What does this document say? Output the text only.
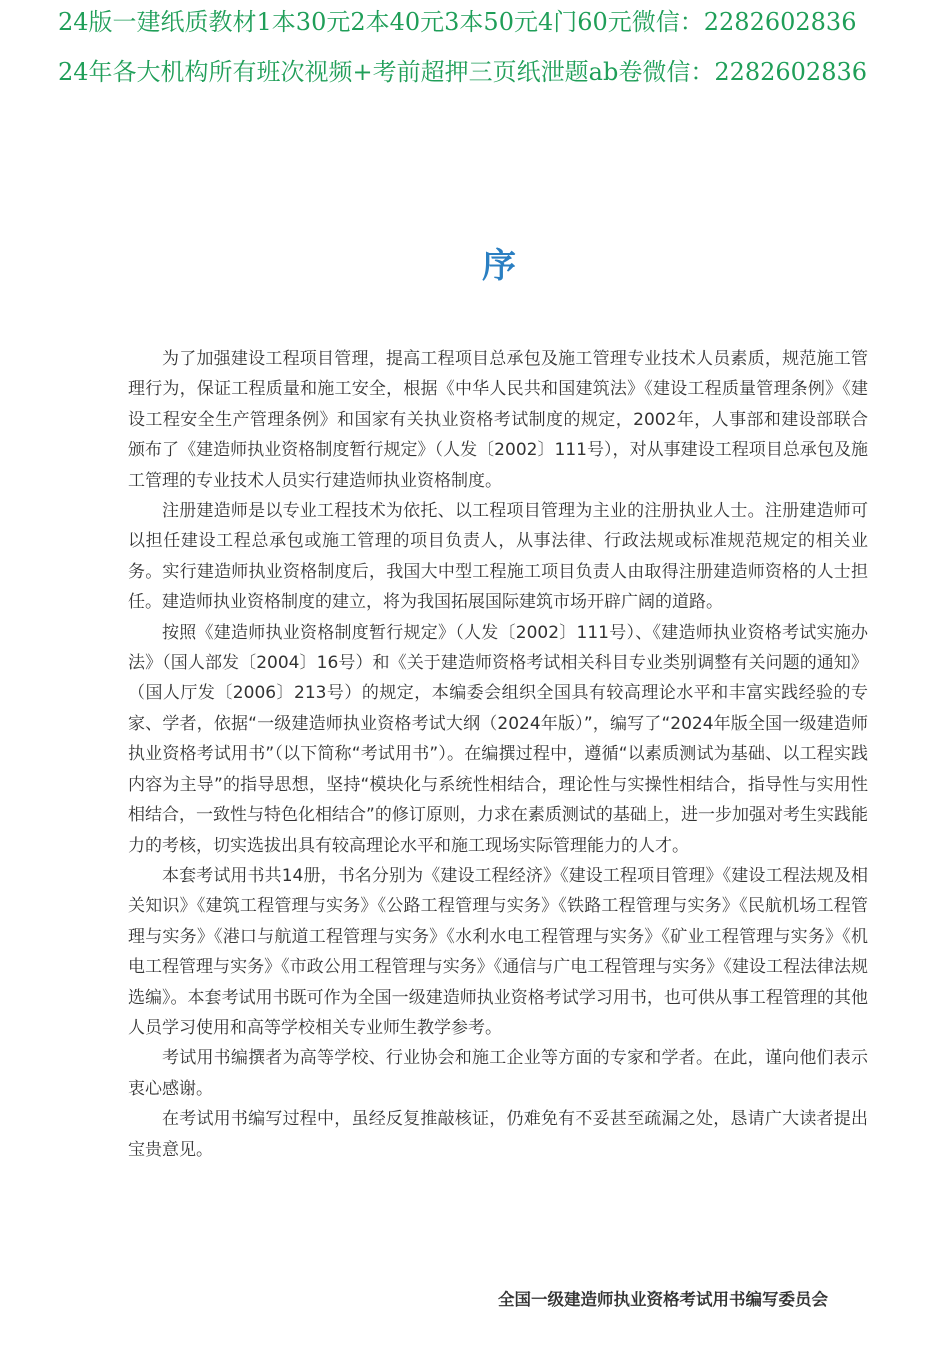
24版一建纸质教材1本30元2本40元3本50元4门60元微信：2282602836
24年各大机构所有班次视频+考前超押三页纸泄题ab卷微信：2282602836
序

为了加强建设工程项目管理，提高工程项目总承包及施工管理专业技术人员素质，规范施工管理行为，保证工程质量和施工安全，根据《中华人民共和国建筑法》《建设工程质量管理条例》《建设工程安全生产管理条例》和国家有关执业资格考试制度的规定，2002年，人事部和建设部联合颁布了《建造师执业资格制度暂行规定》（人发〔2002〕111号），对从事建设工程项目总承包及施工管理的专业技术人员实行建造师执业资格制度。

注册建造师是以专业工程技术为依托、以工程项目管理为主业的注册执业人士。注册建造师可以担任建设工程总承包或施工管理的项目负责人，从事法律、行政法规或标准规范规定的相关业务。实行建造师执业资格制度后，我国大中型工程施工项目负责人由取得注册建造师资格的人士担任。建造师执业资格制度的建立，将为我国拓展国际建筑市场开辟广阔的道路。

按照《建造师执业资格制度暂行规定》（人发〔2002〕111号）、《建造师执业资格考试实施办法》（国人部发〔2004〕16号）和《关于建造师资格考试相关科目专业类别调整有关问题的通知》（国人厅发〔2006〕213号）的规定，本编委会组织全国具有较高理论水平和丰富实践经验的专家、学者，依据“一级建造师执业资格考试大纲（2024年版）”，编写了“2024年版全国一级建造师执业资格考试用书”（以下简称“考试用书”）。在编撰过程中，遵循“以素质测试为基础、以工程实践内容为主导”的指导思想，坚持“模块化与系统性相结合，理论性与实操性相结合，指导性与实用性相结合，一致性与特色化相结合”的修订原则，力求在素质测试的基础上，进一步加强对考生实践能力的考核，切实选拔出具有较高理论水平和施工现场实际管理能力的人才。

本套考试用书共14册，书名分别为《建设工程经济》《建设工程项目管理》《建设工程法规及相关知识》《建筑工程管理与实务》《公路工程管理与实务》《铁路工程管理与实务》《民航机场工程管理与实务》《港口与航道工程管理与实务》《水利水电工程管理与实务》《矿业工程管理与实务》《机电工程管理与实务》《市政公用工程管理与实务》《通信与广电工程管理与实务》《建设工程法律法规选编》。本套考试用书既可作为全国一级建造师执业资格考试学习用书，也可供从事工程管理的其他人员学习使用和高等学校相关专业师生教学参考。

考试用书编撰者为高等学校、行业协会和施工企业等方面的专家和学者。在此，谨向他们表示衷心感谢。

在考试用书编写过程中，虽经反复推敲核证，仍难免有不妥甚至疏漏之处，恳请广大读者提出宝贵意见。

全国一级建造师执业资格考试用书编写委员会
